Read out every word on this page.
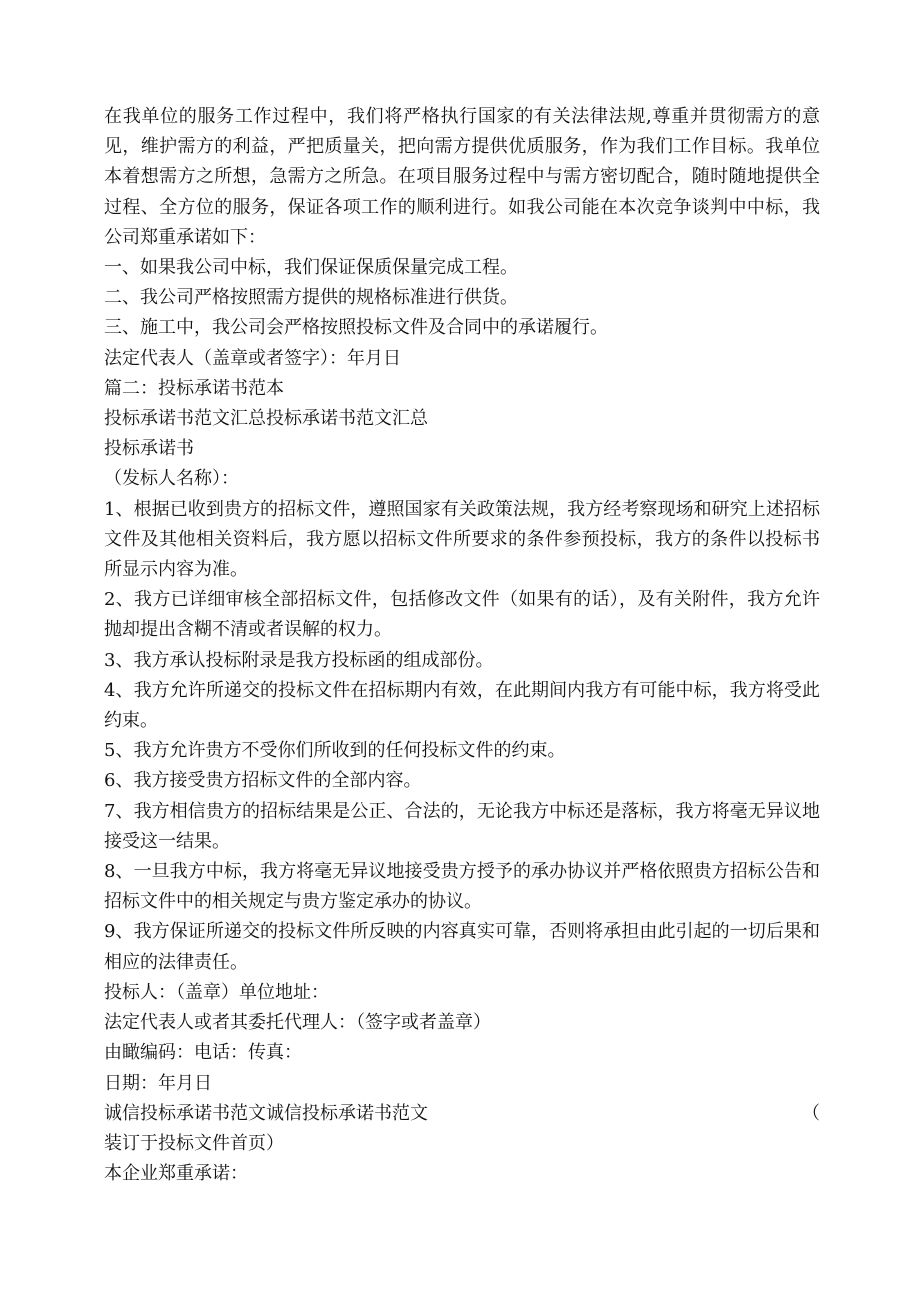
在我单位的服务工作过程中，我们将严格执行国家的有关法律法规,尊重并贯彻需方的意见，维护需方的利益，严把质量关，把向需方提供优质服务，作为我们工作目标。我单位本着想需方之所想，急需方之所急。在项目服务过程中与需方密切配合，随时随地提供全过程、全方位的服务，保证各项工作的顺利进行。如我公司能在本次竞争谈判中中标，我公司郑重承诺如下：

一、如果我公司中标，我们保证保质保量完成工程。

二、我公司严格按照需方提供的规格标准进行供货。

三、施工中，我公司会严格按照投标文件及合同中的承诺履行。

法定代表人（盖章或者签字）：年月日

篇二：投标承诺书范本

投标承诺书范文汇总投标承诺书范文汇总

投标承诺书

（发标人名称）：

1、根据已收到贵方的招标文件，遵照国家有关政策法规，我方经考察现场和研究上述招标文件及其他相关资料后，我方愿以招标文件所要求的条件参预投标，我方的条件以投标书所显示内容为准。

2、我方已详细审核全部招标文件，包括修改文件（如果有的话），及有关附件，我方允许抛却提出含糊不清或者误解的权力。

3、我方承认投标附录是我方投标函的组成部份。

4、我方允许所递交的投标文件在招标期内有效，在此期间内我方有可能中标，我方将受此约束。

5、我方允许贵方不受你们所收到的任何投标文件的约束。

6、我方接受贵方招标文件的全部内容。

7、我方相信贵方的招标结果是公正、合法的，无论我方中标还是落标，我方将毫无异议地接受这一结果。

8、一旦我方中标，我方将毫无异议地接受贵方授予的承办协议并严格依照贵方招标公告和招标文件中的相关规定与贵方鉴定承办的协议。

9、我方保证所递交的投标文件所反映的内容真实可靠，否则将承担由此引起的一切后果和相应的法律责任。

投标人：（盖章）单位地址：

法定代表人或者其委托代理人：（签字或者盖章）

由瞰编码：电话：传真：

日期：年月日

诚信投标承诺书范文诚信投标承诺书范文	（

装订于投标文件首页）

本企业郑重承诺：
